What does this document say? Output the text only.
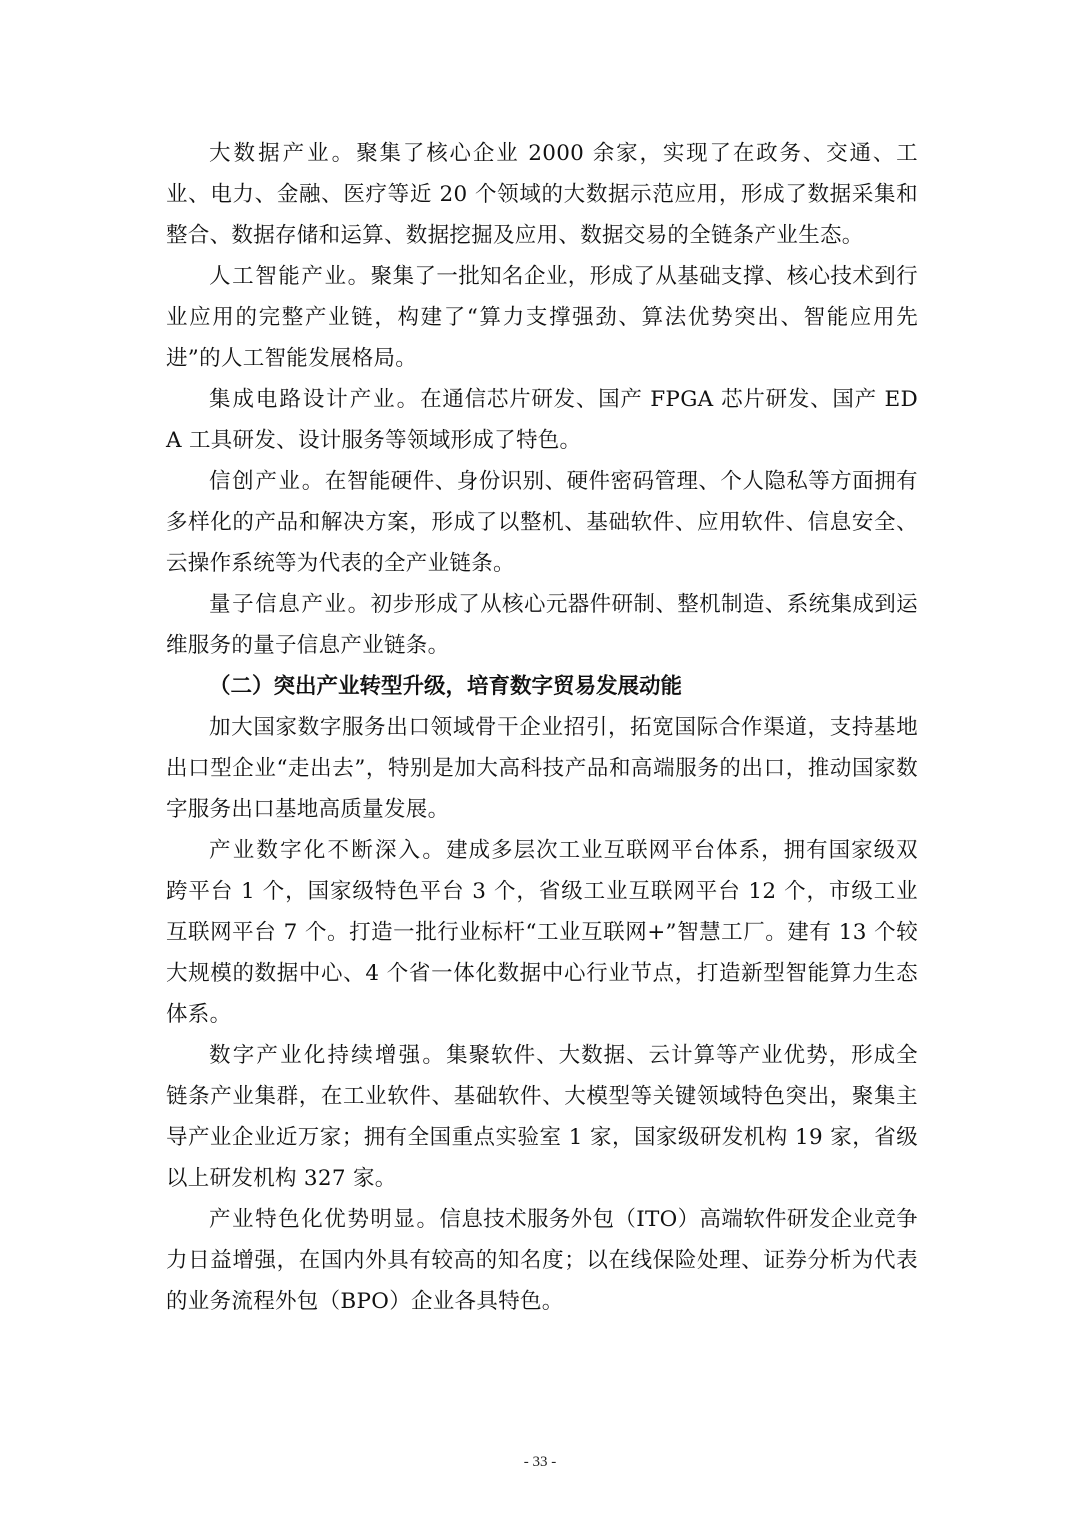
大数据产业。聚集了核心企业 2000 余家，实现了在政务、交通、工业、电力、金融、医疗等近 20 个领域的大数据示范应用，形成了数据采集和整合、数据存储和运算、数据挖掘及应用、数据交易的全链条产业生态。

人工智能产业。聚集了一批知名企业，形成了从基础支撑、核心技术到行业应用的完整产业链，构建了“算力支撑强劲、算法优势突出、智能应用先进”的人工智能发展格局。

集成电路设计产业。在通信芯片研发、国产 FPGA 芯片研发、国产 EDA 工具研发、设计服务等领域形成了特色。

信创产业。在智能硬件、身份识别、硬件密码管理、个人隐私等方面拥有多样化的产品和解决方案，形成了以整机、基础软件、应用软件、信息安全、云操作系统等为代表的全产业链条。

量子信息产业。初步形成了从核心元器件研制、整机制造、系统集成到运维服务的量子信息产业链条。

（二）突出产业转型升级，培育数字贸易发展动能

加大国家数字服务出口领域骨干企业招引，拓宽国际合作渠道，支持基地出口型企业“走出去”，特别是加大高科技产品和高端服务的出口，推动国家数字服务出口基地高质量发展。

产业数字化不断深入。建成多层次工业互联网平台体系，拥有国家级双跨平台 1 个，国家级特色平台 3 个，省级工业互联网平台 12 个，市级工业互联网平台 7 个。打造一批行业标杆“工业互联网+”智慧工厂。建有 13 个较大规模的数据中心、4 个省一体化数据中心行业节点，打造新型智能算力生态体系。

数字产业化持续增强。集聚软件、大数据、云计算等产业优势，形成全链条产业集群，在工业软件、基础软件、大模型等关键领域特色突出，聚集主导产业企业近万家；拥有全国重点实验室 1 家，国家级研发机构 19 家，省级以上研发机构 327 家。

产业特色化优势明显。信息技术服务外包（ITO）高端软件研发企业竞争力日益增强，在国内外具有较高的知名度；以在线保险处理、证券分析为代表的业务流程外包（BPO）企业各具特色。

- 33 -
